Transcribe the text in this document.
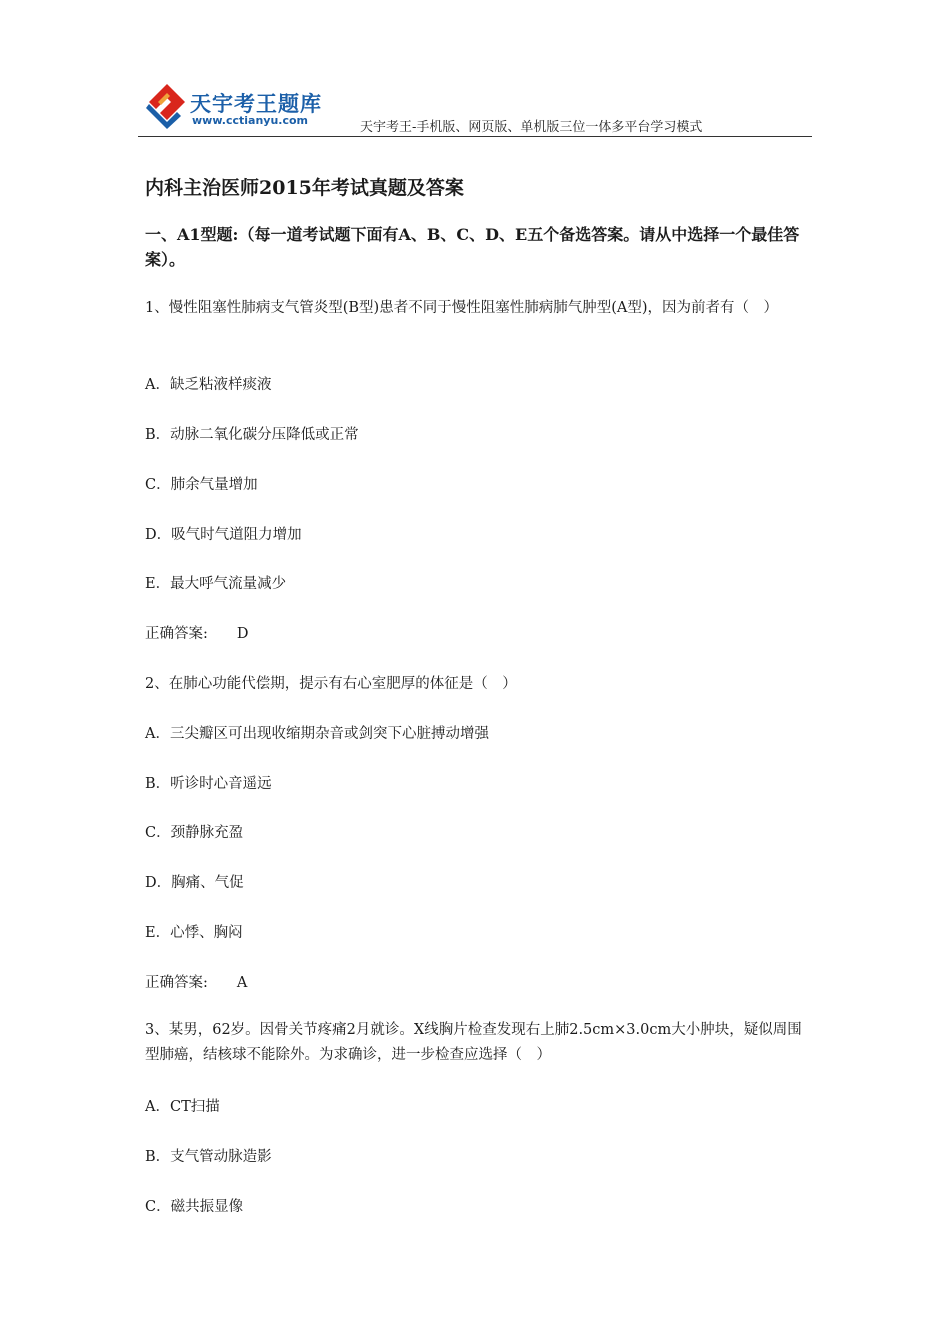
天宇考王题库
www.cctianyu.com	天宇考王-手机版、网页版、单机版三位一体多平台学习模式
内科主治医师2015年考试真题及答案
一、A1型题:（每一道考试题下面有A、B、C、D、E五个备选答案。请从中选择一个最佳答案）。
1、慢性阻塞性肺病支气管炎型(B型)患者不同于慢性阻塞性肺病肺气肿型(A型)，因为前者有（　）
A．缺乏粘液样痰液
B．动脉二氧化碳分压降低或正常
C．肺余气量增加
D．吸气时气道阻力增加
E．最大呼气流量减少
正确答案:　　D
2、在肺心功能代偿期，提示有右心室肥厚的体征是（　）
A．三尖瓣区可出现收缩期杂音或剑突下心脏搏动增强
B．听诊时心音遥远
C．颈静脉充盈
D．胸痛、气促
E．心悸、胸闷
正确答案:　　A
3、某男，62岁。因骨关节疼痛2月就诊。X线胸片检查发现右上肺2.5cm×3.0cm大小肿块，疑似周围型肺癌，结核球不能除外。为求确诊，进一步检查应选择（　）
A．CT扫描
B．支气管动脉造影
C．磁共振显像
